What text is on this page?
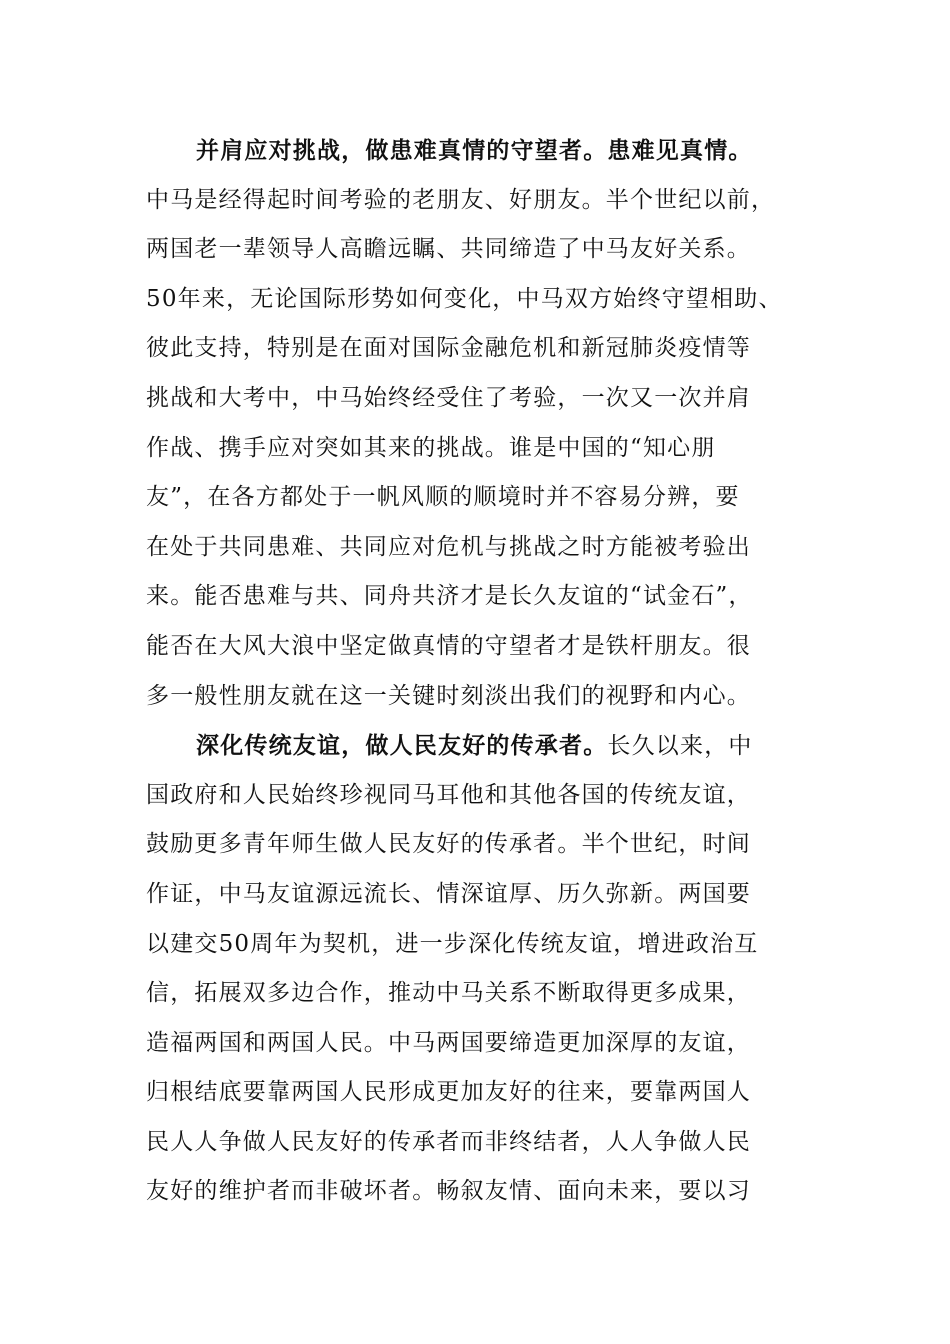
并肩应对挑战，做患难真情的守望者。患难见真情。
中马是经得起时间考验的老朋友、好朋友。半个世纪以前，
两国老一辈领导人高瞻远瞩、共同缔造了中马友好关系。
50年来，无论国际形势如何变化，中马双方始终守望相助、
彼此支持，特别是在面对国际金融危机和新冠肺炎疫情等
挑战和大考中，中马始终经受住了考验，一次又一次并肩
作战、携手应对突如其来的挑战。谁是中国的“知心朋
友”，在各方都处于一帆风顺的顺境时并不容易分辨，要
在处于共同患难、共同应对危机与挑战之时方能被考验出
来。能否患难与共、同舟共济才是长久友谊的“试金石”，
能否在大风大浪中坚定做真情的守望者才是铁杆朋友。很
多一般性朋友就在这一关键时刻淡出我们的视野和内心。
深化传统友谊，做人民友好的传承者。长久以来，中
国政府和人民始终珍视同马耳他和其他各国的传统友谊，
鼓励更多青年师生做人民友好的传承者。半个世纪，时间
作证，中马友谊源远流长、情深谊厚、历久弥新。两国要
以建交50周年为契机，进一步深化传统友谊，增进政治互
信，拓展双多边合作，推动中马关系不断取得更多成果，
造福两国和两国人民。中马两国要缔造更加深厚的友谊，
归根结底要靠两国人民形成更加友好的往来，要靠两国人
民人人争做人民友好的传承者而非终结者，人人争做人民
友好的维护者而非破坏者。畅叙友情、面向未来，要以习
